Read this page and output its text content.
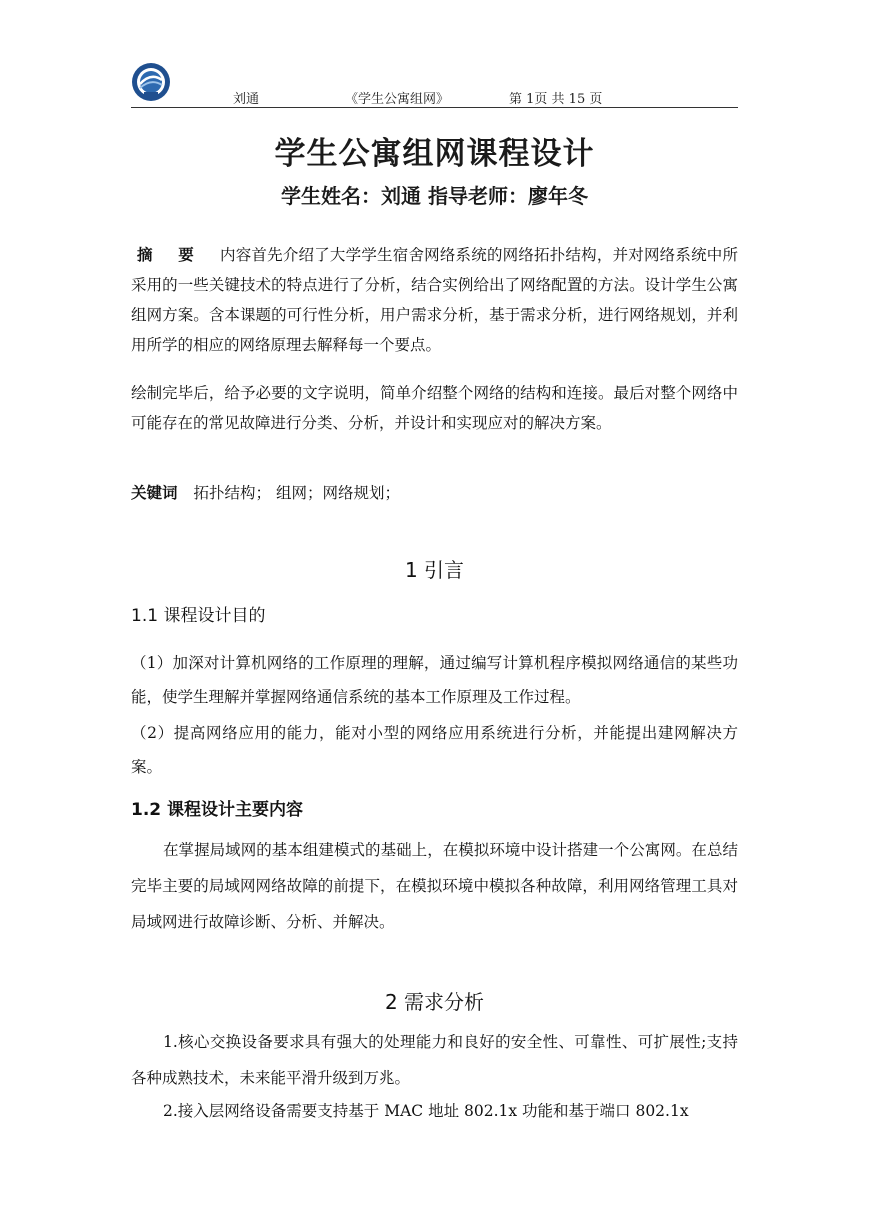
刘通	《学生公寓组网》	第 1页 共 15 页
学生公寓组网课程设计
学生姓名：刘通 指导老师：廖年冬
摘 要 内容首先介绍了大学学生宿舍网络系统的网络拓扑结构，并对网络系统中所采用的一些关键技术的特点进行了分析，结合实例给出了网络配置的方法。设计学生公寓组网方案。含本课题的可行性分析，用户需求分析，基于需求分析，进行网络规划，并利用所学的相应的网络原理去解释每一个要点。
绘制完毕后，给予必要的文字说明，简单介绍整个网络的结构和连接。最后对整个网络中可能存在的常见故障进行分类、分析，并设计和实现应对的解决方案。
关键词 拓扑结构； 组网；网络规划；
1 引言
1.1 课程设计目的
（1）加深对计算机网络的工作原理的理解，通过编写计算机程序模拟网络通信的某些功能，使学生理解并掌握网络通信系统的基本工作原理及工作过程。
（2）提高网络应用的能力，能对小型的网络应用系统进行分析，并能提出建网解决方案。
1.2 课程设计主要内容
在掌握局域网的基本组建模式的基础上，在模拟环境中设计搭建一个公寓网。在总结完毕主要的局域网网络故障的前提下，在模拟环境中模拟各种故障，利用网络管理工具对局域网进行故障诊断、分析、并解决。
2 需求分析
1.核心交换设备要求具有强大的处理能力和良好的安全性、可靠性、可扩展性;支持各种成熟技术，未来能平滑升级到万兆。
2.接入层网络设备需要支持基于 MAC 地址 802.1x 功能和基于端口 802.1x
